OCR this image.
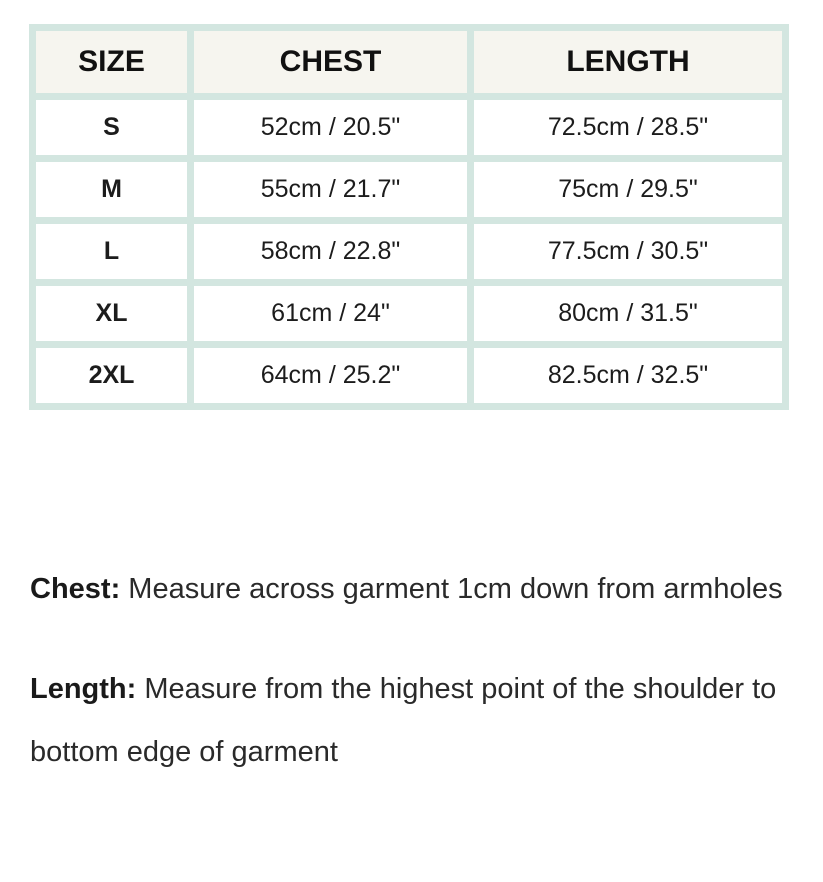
SIZE	CHEST	LENGTH
S	52cm / 20.5"	72.5cm / 28.5"
M	55cm / 21.7"	75cm / 29.5"
L	58cm / 22.8"	77.5cm / 30.5"
XL	61cm / 24"	80cm / 31.5"
2XL	64cm / 25.2"	82.5cm / 32.5"

Chest: Measure across garment 1cm down from armholes

Length: Measure from the highest point of the shoulder to bottom edge of garment
